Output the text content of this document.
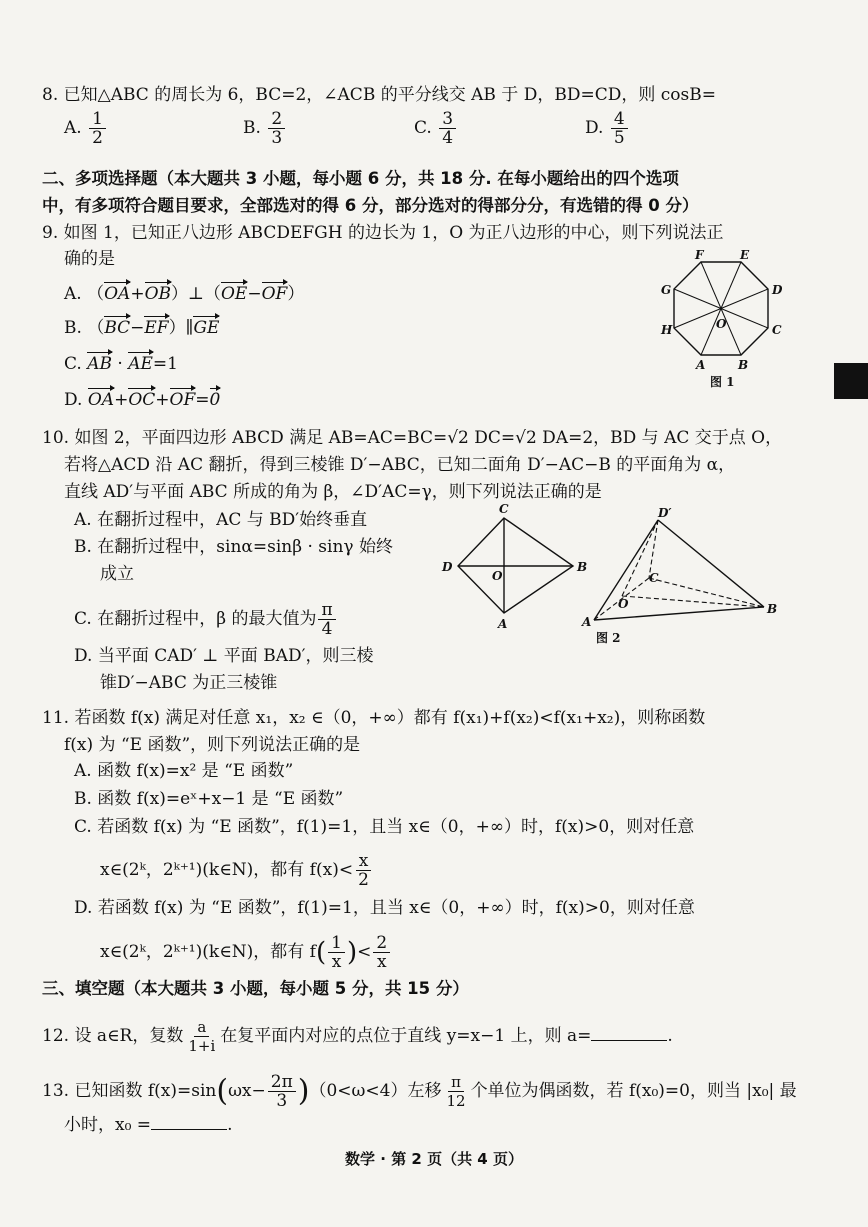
8. 已知△ABC 的周长为 6，BC=2，∠ACB 的平分线交 AB 于 D，BD=CD，则 cosB=
A. $\frac{1}{2}$	B. $\frac{2}{3}$	C. $\frac{3}{4}$	D. $\frac{4}{5}$
二、多项选择题（本大题共 3 小题，每小题 6 分，共 18 分. 在每小题给出的四个选项
中，有多项符合题目要求，全部选对的得 6 分，部分选对的得部分分，有选错的得 0 分）
9. 如图 1，已知正八边形 ABCDEFGH 的边长为 1，O 为正八边形的中心，则下列说法正
确的是
A. （OA+OB）⊥（OE−OF）
B. （BC−EF）∥GE
C. AB · AE=1
D. OA+OC+OF=0
F	E
G	D
H	C
A	B
O
图 1
10. 如图 2，平面四边形 ABCD 满足 AB=AC=BC=√2 DC=√2 DA=2，BD 与 AC 交于点 O，
若将△ACD 沿 AC 翻折，得到三棱锥 D′−ABC，已知二面角 D′−AC−B 的平面角为 α，
直线 AD′与平面 ABC 所成的角为 β，∠D′AC=γ，则下列说法正确的是
A. 在翻折过程中，AC 与 BD′始终垂直
B. 在翻折过程中，sinα=sinβ · sinγ 始终
成立
C. 在翻折过程中，β 的最大值为 $\frac{\pi}{4}$
D. 当平面 CAD′ ⊥ 平面 BAD′，则三棱
锥D′−ABC 为正三棱锥
C
D	B
A
O
D′
C
O
A
B
图 2
11. 若函数 f(x) 满足对任意 x₁，x₂ ∈（0，+∞）都有 f(x₁)+f(x₂)<f(x₁+x₂)，则称函数
f(x) 为 “E 函数”，则下列说法正确的是
A. 函数 f(x)=x² 是 “E 函数”
B. 函数 f(x)=eˣ+x−1 是 “E 函数”
C. 若函数 f(x) 为 “E 函数”，f(1)=1，且当 x∈（0，+∞）时，f(x)>0，则对任意
x∈(2ᵏ，2ᵏ⁺¹)(k∈N)，都有 $f(x)< \frac{x}{2}$
D. 若函数 f(x) 为 “E 函数”，f(1)=1，且当 x∈（0，+∞）时，f(x)>0，则对任意
x∈(2ᵏ，2ᵏ⁺¹)(k∈N)，都有 $f( \frac{1}{x}$ )< $\frac{2}{x}$
三、填空题（本大题共 3 小题，每小题 5 分，共 15 分）
12. 设 a∈R，复数 $\frac{a}{1+i}$ 在复平面内对应的点位于直线 y=x−1 上，则 a=	.
13. 已知函数 $f(x)=\sin(\omega x- \frac{2\pi}{3} )(0<\omega<4)$左移 $\frac{\pi}{12}$ 个单位为偶函数，若 f(x₀)=0，则当 |x₀| 最
小时，x₀ =	.
数学 · 第 2 页（共 4 页）
